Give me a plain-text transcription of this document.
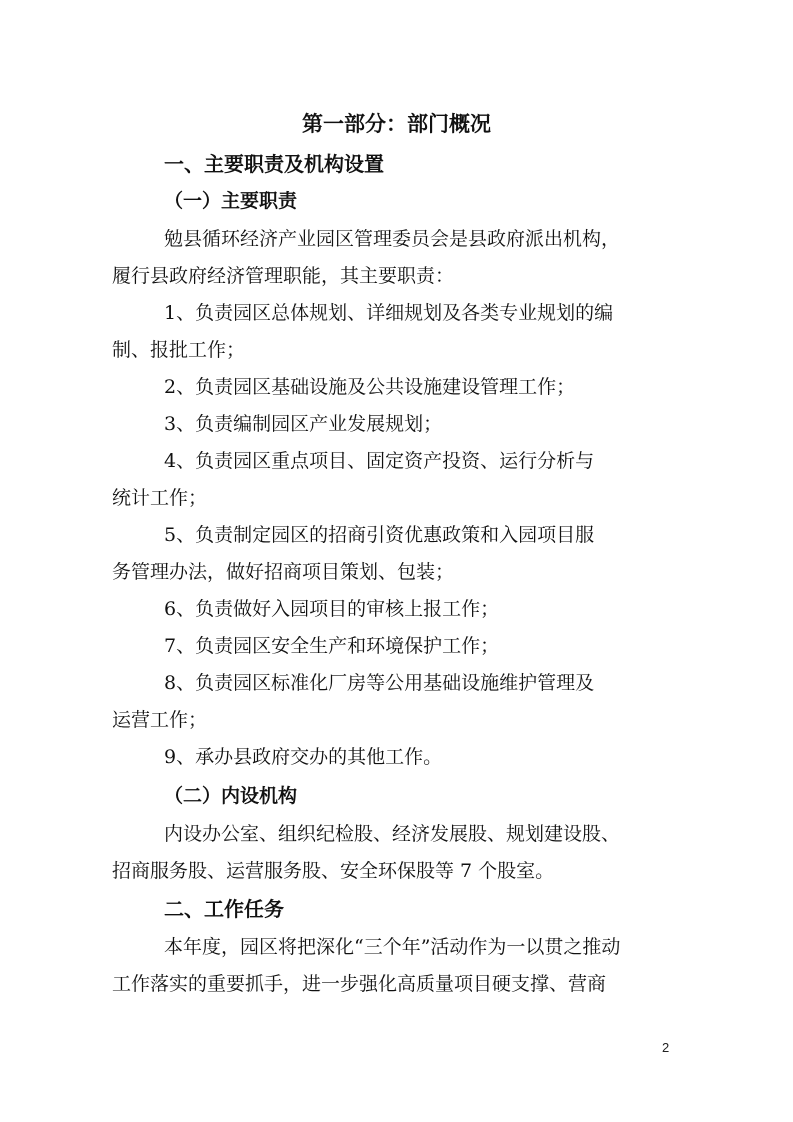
第一部分：部门概况
一、主要职责及机构设置
（一）主要职责
勉县循环经济产业园区管理委员会是县政府派出机构，
履行县政府经济管理职能，其主要职责：
1、负责园区总体规划、详细规划及各类专业规划的编
制、报批工作；
2、负责园区基础设施及公共设施建设管理工作；
3、负责编制园区产业发展规划；
4、负责园区重点项目、固定资产投资、运行分析与
统计工作；
5、负责制定园区的招商引资优惠政策和入园项目服
务管理办法，做好招商项目策划、包装；
6、负责做好入园项目的审核上报工作；
7、负责园区安全生产和环境保护工作；
8、负责园区标准化厂房等公用基础设施维护管理及
运营工作；
9、承办县政府交办的其他工作。
（二）内设机构
内设办公室、组织纪检股、经济发展股、规划建设股、
招商服务股、运营服务股、安全环保股等 7 个股室。
二、工作任务
本年度，园区将把深化“三个年”活动作为一以贯之推动
工作落实的重要抓手，进一步强化高质量项目硬支撑、营商
2
